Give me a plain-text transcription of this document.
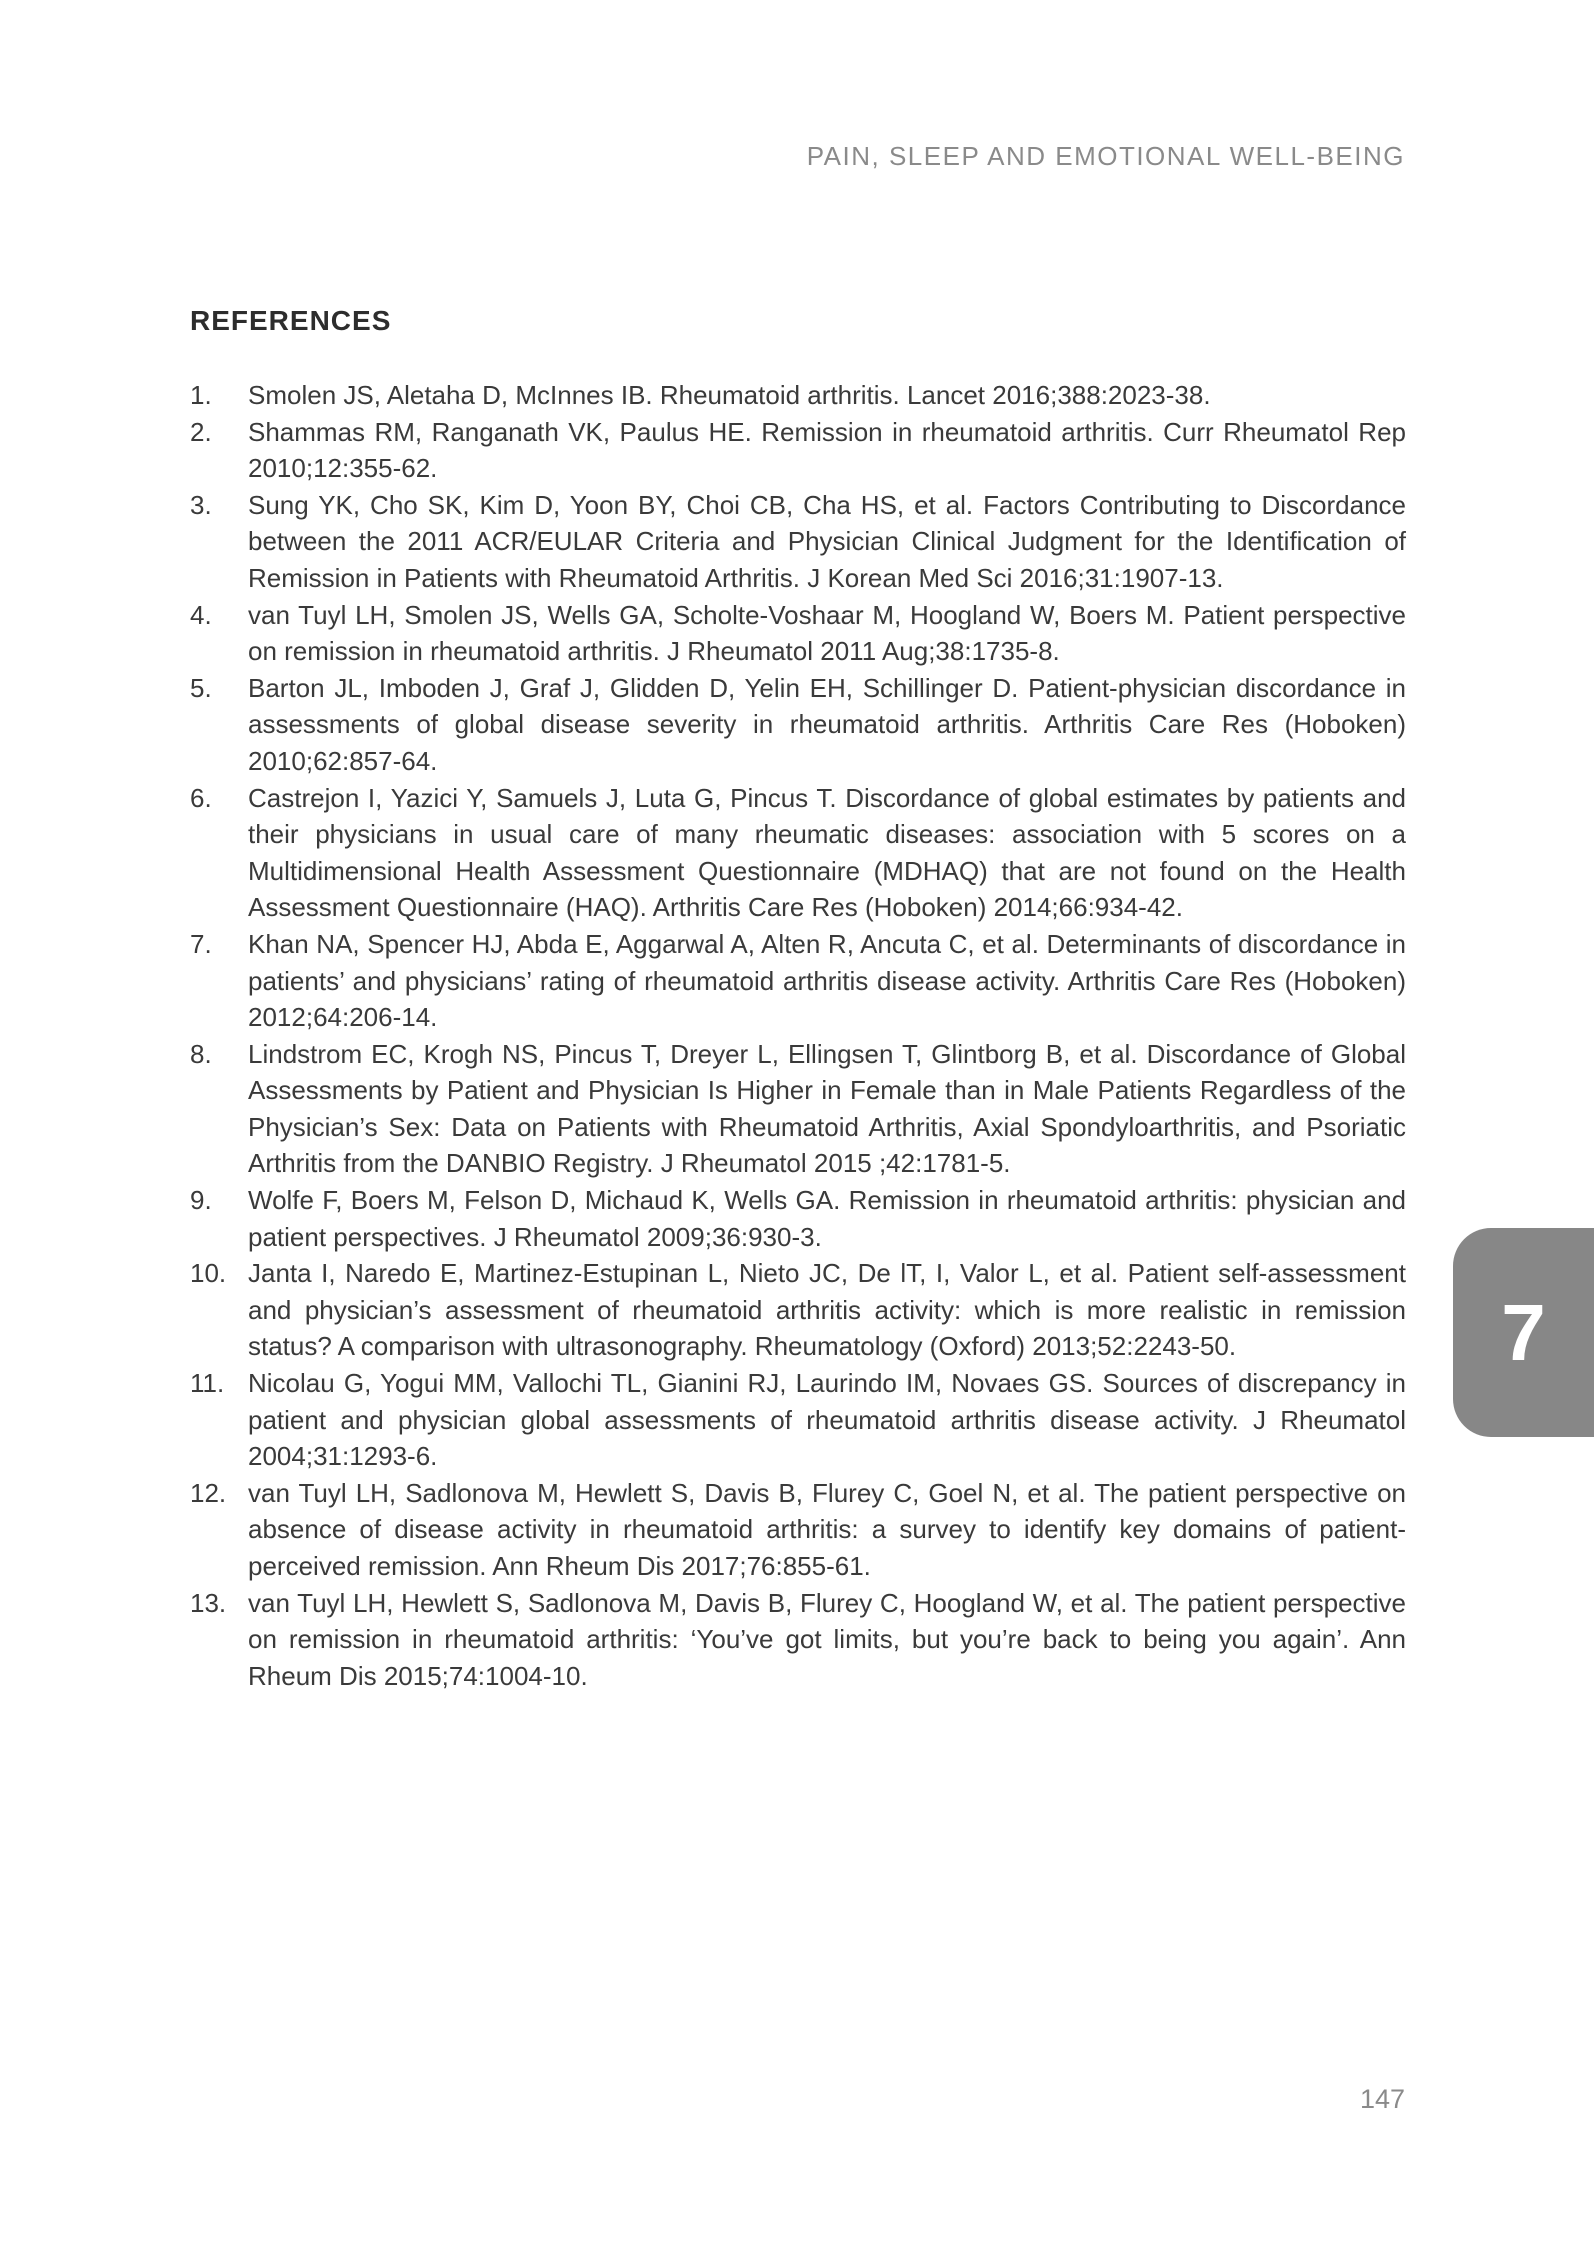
PAIN, SLEEP AND EMOTIONAL WELL-BEING
REFERENCES
1.	Smolen JS, Aletaha D, McInnes IB. Rheumatoid arthritis. Lancet 2016;388:2023-38.
2.	Shammas RM, Ranganath VK, Paulus HE. Remission in rheumatoid arthritis. Curr Rheumatol Rep 2010;12:355-62.
3.	Sung YK, Cho SK, Kim D, Yoon BY, Choi CB, Cha HS, et al. Factors Contributing to Discordance between the 2011 ACR/EULAR Criteria and Physician Clinical Judgment for the Identification of Remission in Patients with Rheumatoid Arthritis. J Korean Med Sci 2016;31:1907-13.
4.	van Tuyl LH, Smolen JS, Wells GA, Scholte-Voshaar M, Hoogland W, Boers M. Patient perspective on remission in rheumatoid arthritis. J Rheumatol 2011 Aug;38:1735-8.
5.	Barton JL, Imboden J, Graf J, Glidden D, Yelin EH, Schillinger D. Patient-physician discordance in assessments of global disease severity in rheumatoid arthritis. Arthritis Care Res (Hoboken) 2010;62:857-64.
6.	Castrejon I, Yazici Y, Samuels J, Luta G, Pincus T. Discordance of global estimates by patients and their physicians in usual care of many rheumatic diseases: association with 5 scores on a Multidimensional Health Assessment Questionnaire (MDHAQ) that are not found on the Health Assessment Questionnaire (HAQ). Arthritis Care Res (Hoboken) 2014;66:934-42.
7.	Khan NA, Spencer HJ, Abda E, Aggarwal A, Alten R, Ancuta C, et al. Determinants of discordance in patients’ and physicians’ rating of rheumatoid arthritis disease activity. Arthritis Care Res (Hoboken) 2012;64:206-14.
8.	Lindstrom EC, Krogh NS, Pincus T, Dreyer L, Ellingsen T, Glintborg B, et al. Discordance of Global Assessments by Patient and Physician Is Higher in Female than in Male Patients Regardless of the Physician’s Sex: Data on Patients with Rheumatoid Arthritis, Axial Spondyloarthritis, and Psoriatic Arthritis from the DANBIO Registry. J Rheumatol 2015 ;42:1781-5.
9.	Wolfe F, Boers M, Felson D, Michaud K, Wells GA. Remission in rheumatoid arthritis: physician and patient perspectives. J Rheumatol 2009;36:930-3.
10. Janta I, Naredo E, Martinez-Estupinan L, Nieto JC, De lT, I, Valor L, et al. Patient self-assessment and physician’s assessment of rheumatoid arthritis activity: which is more realistic in remission status? A comparison with ultrasonography. Rheumatology (Oxford) 2013;52:2243-50.
11. Nicolau G, Yogui MM, Vallochi TL, Gianini RJ, Laurindo IM, Novaes GS. Sources of discrepancy in patient and physician global assessments of rheumatoid arthritis disease activity. J Rheumatol 2004;31:1293-6.
12. van Tuyl LH, Sadlonova M, Hewlett S, Davis B, Flurey C, Goel N, et al. The patient perspective on absence of disease activity in rheumatoid arthritis: a survey to identify key domains of patient-perceived remission. Ann Rheum Dis 2017;76:855-61.
13. van Tuyl LH, Hewlett S, Sadlonova M, Davis B, Flurey C, Hoogland W, et al. The patient perspective on remission in rheumatoid arthritis: ‘You’ve got limits, but you’re back to being you again’. Ann Rheum Dis 2015;74:1004-10.
7
147
